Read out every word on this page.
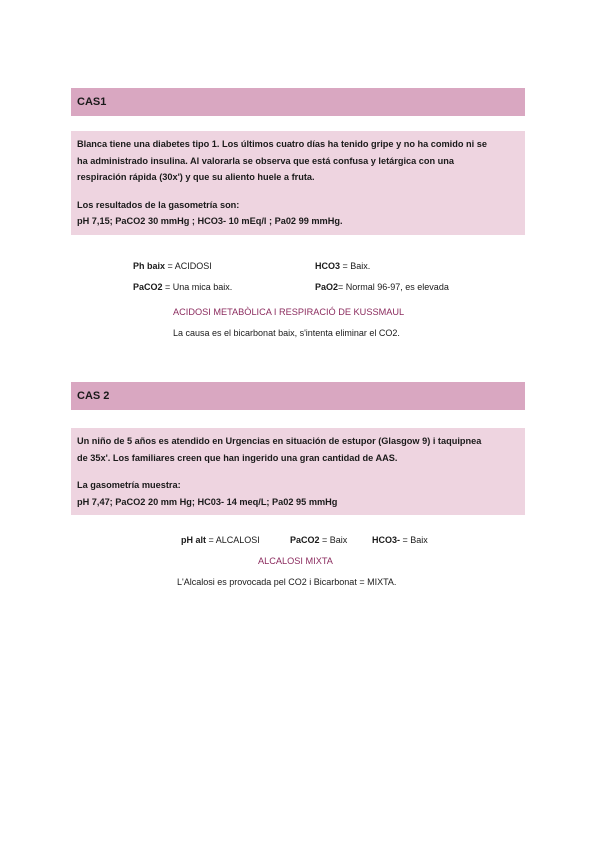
CAS1

Blanca tiene una diabetes tipo 1. Los últimos cuatro días ha tenido gripe y no ha comido ni se

ha administrado insulina. Al valorarla se observa que está confusa y letárgica con una

respiración rápida (30x') y que su aliento huele a fruta.

Los resultados de la gasometría son:

pH 7,15; PaCO2 30 mmHg ; HCO3- 10 mEq/l ; Pa02 99 mmHg.

Ph baix = ACIDOSI	HCO3 = Baix.
PaCO2 = Una mica baix.	PaO2= Normal 96-97, es elevada
ACIDOSI METABÒLICA I RESPIRACIÓ DE KUSSMAUL
La causa es el bicarbonat baix, s'intenta eliminar el CO2.
CAS 2

Un niño de 5 años es atendido en Urgencias en situación de estupor (Glasgow 9) i taquipnea

de 35x'. Los familiares creen que han ingerido una gran cantidad de AAS.

La gasometría muestra:

pH 7,47; PaCO2 20 mm Hg; HC03- 14 meq/L; Pa02 95 mmHg

pH alt = ALCALOSI	PaCO2 = Baix	HCO3- = Baix
ALCALOSI MIXTA
L'Alcalosi es provocada pel CO2 i Bicarbonat = MIXTA.
